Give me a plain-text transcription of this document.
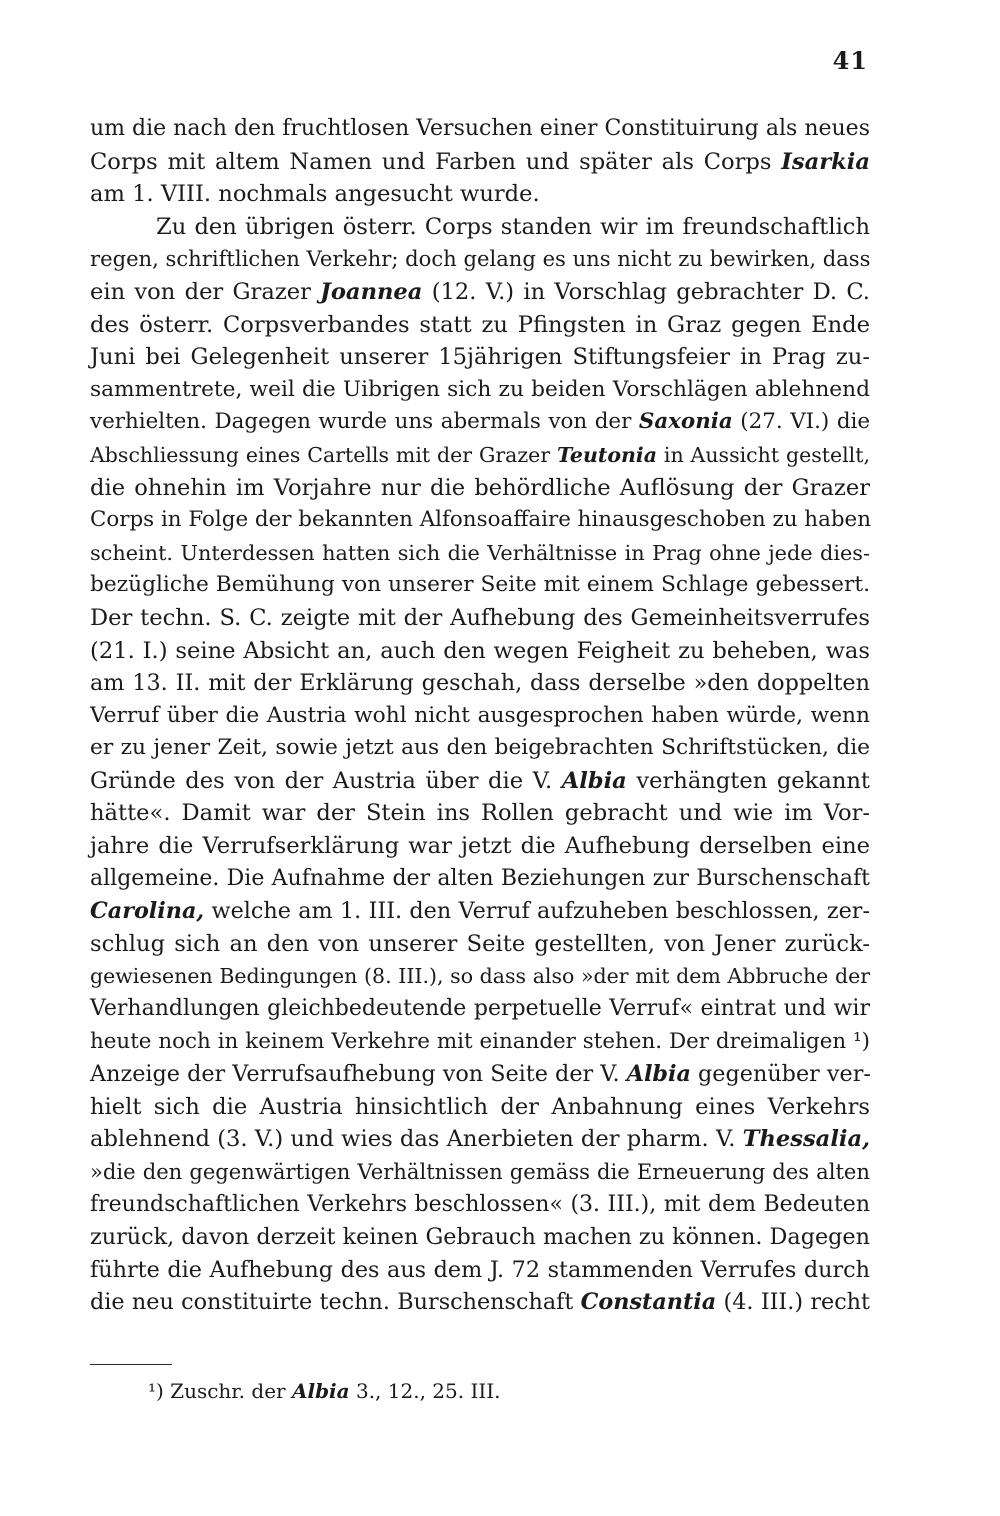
41
um die nach den fruchtlosen Versuchen einer Constituirung als neues
Corps mit altem Namen und Farben und später als Corps Isarkia
am 1. VIII. nochmals angesucht wurde.
Zu den übrigen österr. Corps standen wir im freundschaftlich
regen, schriftlichen Verkehr; doch gelang es uns nicht zu bewirken, dass
ein von der Grazer Joannea (12. V.) in Vorschlag gebrachter D. C.
des österr. Corpsverbandes statt zu Pfingsten in Graz gegen Ende
Juni bei Gelegenheit unserer 15jährigen Stiftungsfeier in Prag zu-
sammentrete, weil die Uibrigen sich zu beiden Vorschlägen ablehnend
verhielten. Dagegen wurde uns abermals von der Saxonia (27. VI.) die
Abschliessung eines Cartells mit der Grazer Teutonia in Aussicht gestellt,
die ohnehin im Vorjahre nur die behördliche Auflösung der Grazer
Corps in Folge der bekannten Alfonsoaffaire hinausgeschoben zu haben
scheint. Unterdessen hatten sich die Verhältnisse in Prag ohne jede dies-
bezügliche Bemühung von unserer Seite mit einem Schlage gebessert.
Der techn. S. C. zeigte mit der Aufhebung des Gemeinheitsverrufes
(21. I.) seine Absicht an, auch den wegen Feigheit zu beheben, was
am 13. II. mit der Erklärung geschah, dass derselbe »den doppelten
Verruf über die Austria wohl nicht ausgesprochen haben würde, wenn
er zu jener Zeit, sowie jetzt aus den beigebrachten Schriftstücken, die
Gründe des von der Austria über die V. Albia verhängten gekannt
hätte«. Damit war der Stein ins Rollen gebracht und wie im Vor-
jahre die Verrufserklärung war jetzt die Aufhebung derselben eine
allgemeine. Die Aufnahme der alten Beziehungen zur Burschenschaft
Carolina, welche am 1. III. den Verruf aufzuheben beschlossen, zer-
schlug sich an den von unserer Seite gestellten, von Jener zurück-
gewiesenen Bedingungen (8. III.), so dass also »der mit dem Abbruche der
Verhandlungen gleichbedeutende perpetuelle Verruf« eintrat und wir
heute noch in keinem Verkehre mit einander stehen. Der dreimaligen ¹)
Anzeige der Verrufsaufhebung von Seite der V. Albia gegenüber ver-
hielt sich die Austria hinsichtlich der Anbahnung eines Verkehrs
ablehnend (3. V.) und wies das Anerbieten der pharm. V. Thessalia,
»die den gegenwärtigen Verhältnissen gemäss die Erneuerung des alten
freundschaftlichen Verkehrs beschlossen« (3. III.), mit dem Bedeuten
zurück, davon derzeit keinen Gebrauch machen zu können. Dagegen
führte die Aufhebung des aus dem J. 72 stammenden Verrufes durch
die neu constituirte techn. Burschenschaft Constantia (4. III.) recht
¹) Zuschr. der Albia 3., 12., 25. III.
